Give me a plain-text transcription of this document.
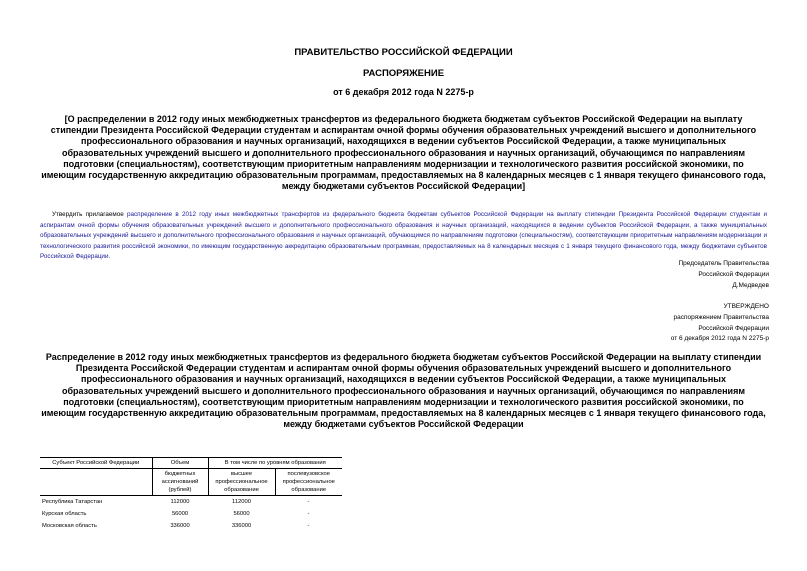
ПРАВИТЕЛЬСТВО РОССИЙСКОЙ ФЕДЕРАЦИИ
РАСПОРЯЖЕНИЕ
от 6 декабря 2012 года N 2275-р
[О распределении в 2012 году иных межбюджетных трансфертов из федерального бюджета бюджетам субъектов Российской Федерации на выплату стипендии Президента Российской Федерации студентам и аспирантам очной формы обучения образовательных учреждений высшего и дополнительного профессионального образования и научных организаций, находящихся в ведении субъектов Российской Федерации, а также муниципальных образовательных учреждений высшего и дополнительного профессионального образования и научных организаций, обучающимся по направлениям подготовки (специальностям), соответствующим приоритетным направлениям модернизации и технологического развития российской экономики, по имеющим государственную аккредитацию образовательным программам, предоставляемых на 8 календарных месяцев с 1 января текущего финансового года, между бюджетами субъектов Российской Федерации]

Утвердить прилагаемое распределение в 2012 году иных межбюджетных трансфертов из федерального бюджета бюджетам субъектов Российской Федерации на выплату стипендии Президента Российской Федерации студентам и аспирантам очной формы обучения образовательных учреждений высшего и дополнительного профессионального образования и научных организаций, находящихся в ведении субъектов Российской Федерации, а также муниципальных образовательных учреждений высшего и дополнительного профессионального образования и научных организаций, обучающимся по направлениям подготовки (специальностям), соответствующим приоритетным направлениям модернизации и технологического развития российской экономики, по имеющим государственную аккредитацию образовательным программам, предоставляемых на 8 календарных месяцев с 1 января текущего финансового года, между бюджетами субъектов Российской Федерации.

Председатель Правительства
Российской Федерации
Д.Медведев
УТВЕРЖДЕНО
распоряжением Правительства
Российской Федерации
от 6 декабря 2012 года N 2275-р
Распределение в 2012 году иных межбюджетных трансфертов из федерального бюджета бюджетам субъектов Российской Федерации на выплату стипендии Президента Российской Федерации студентам и аспирантам очной формы обучения образовательных учреждений высшего и дополнительного профессионального образования и научных организаций, находящихся в ведении субъектов Российской Федерации, а также муниципальных образовательных учреждений высшего и дополнительного профессионального образования и научных организаций, обучающимся по направлениям подготовки (специальностям), соответствующим приоритетным направлениям модернизации и технологического развития российской экономики, по имеющим государственную аккредитацию образовательным программам, предоставляемых на 8 календарных месяцев с 1 января текущего финансового года, между бюджетами субъектов Российской Федерации
Субъект Российской Федерации	Объем	В том числе по уровням образования	
	бюджетных ассигнований (рублей)	высшее профессиональное образование	послевузовское профессиональное образование
Республика Татарстан	112000	112000	-
Курская область	56000	56000	-
Московская область	336000	336000	-
